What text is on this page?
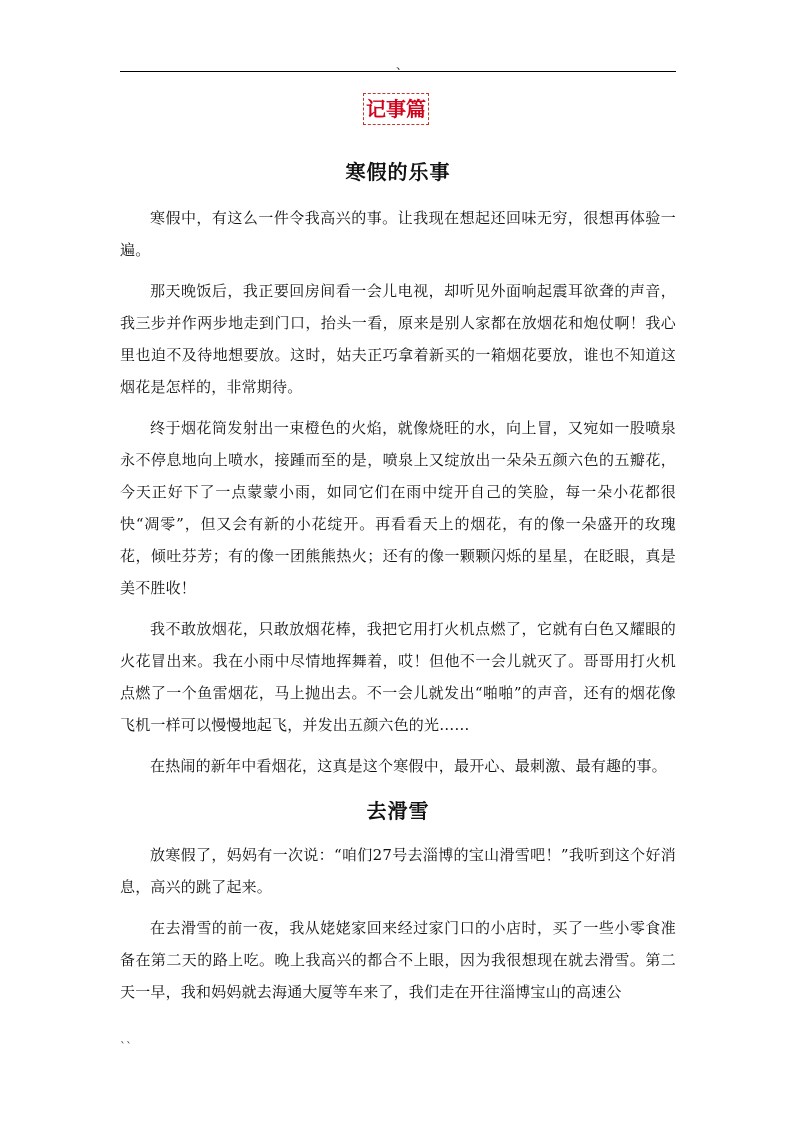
、
记事篇
寒假的乐事

寒假中，有这么一件令我高兴的事。让我现在想起还回味无穷，很想再体验一遍。

那天晚饭后，我正要回房间看一会儿电视，却听见外面响起震耳欲聋的声音，我三步并作两步地走到门口，抬头一看，原来是别人家都在放烟花和炮仗啊！我心里也迫不及待地想要放。这时，姑夫正巧拿着新买的一箱烟花要放，谁也不知道这烟花是怎样的，非常期待。

终于烟花筒发射出一束橙色的火焰，就像烧旺的水，向上冒，又宛如一股喷泉永不停息地向上喷水，接踵而至的是，喷泉上又绽放出一朵朵五颜六色的五瓣花，今天正好下了一点蒙蒙小雨，如同它们在雨中绽开自己的笑脸，每一朵小花都很快“凋零”，但又会有新的小花绽开。再看看天上的烟花，有的像一朵盛开的玫瑰花，倾吐芬芳；有的像一团熊熊热火；还有的像一颗颗闪烁的星星，在眨眼，真是美不胜收！

我不敢放烟花，只敢放烟花棒，我把它用打火机点燃了，它就有白色又耀眼的火花冒出来。我在小雨中尽情地挥舞着，哎！但他不一会儿就灭了。哥哥用打火机点燃了一个鱼雷烟花，马上抛出去。不一会儿就发出“啪啪”的声音，还有的烟花像飞机一样可以慢慢地起飞，并发出五颜六色的光……

在热闹的新年中看烟花，这真是这个寒假中，最开心、最刺激、最有趣的事。

去滑雪

放寒假了，妈妈有一次说：“咱们27号去淄博的宝山滑雪吧！”我听到这个好消息，高兴的跳了起来。

在去滑雪的前一夜，我从姥姥家回来经过家门口的小店时，买了一些小零食准备在第二天的路上吃。晚上我高兴的都合不上眼，因为我很想现在就去滑雪。第二天一早，我和妈妈就去海通大厦等车来了，我们走在开往淄博宝山的高速公

``
